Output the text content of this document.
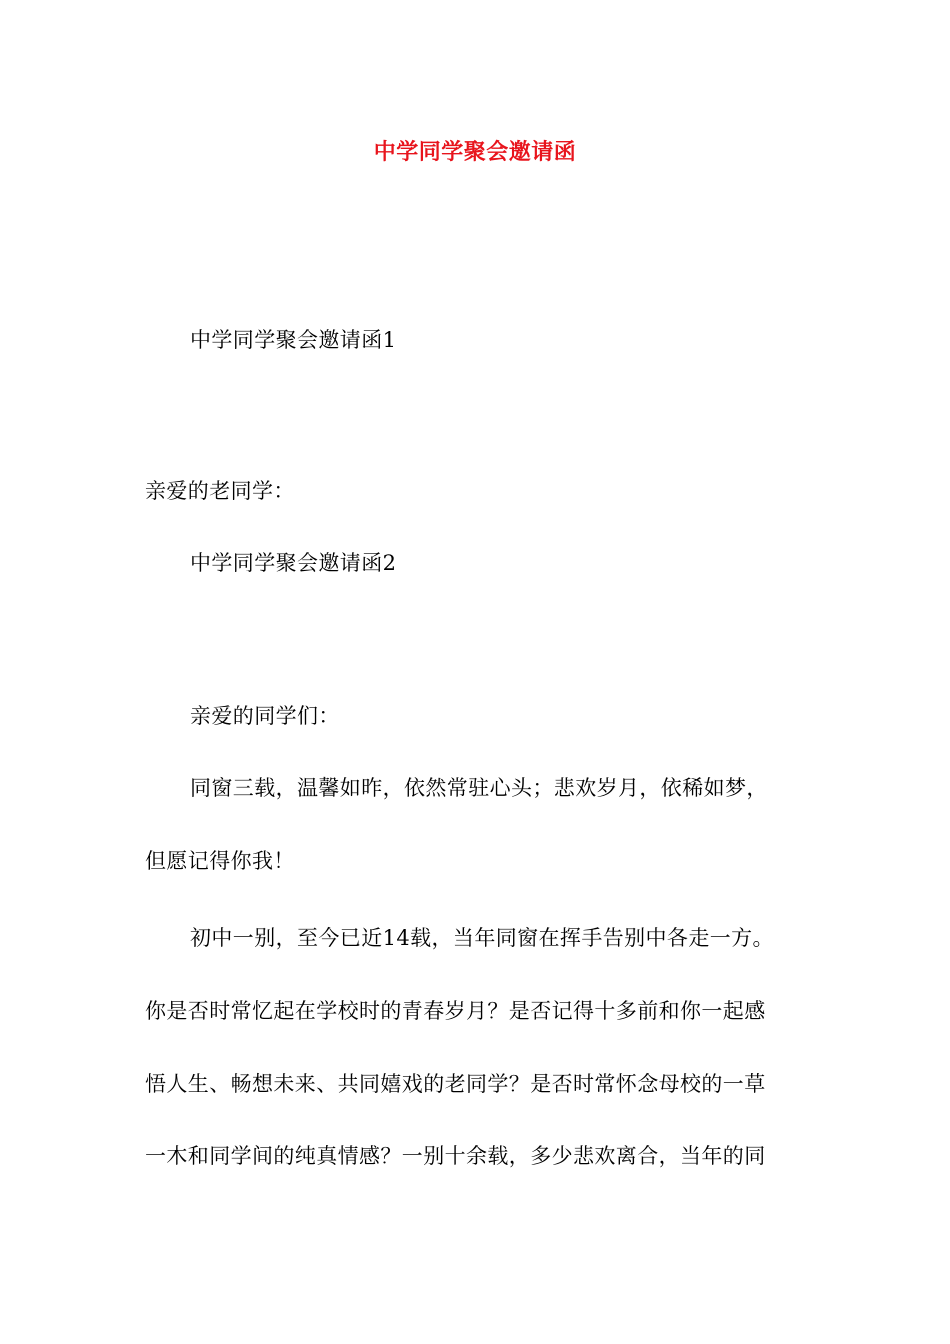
中学同学聚会邀请函
中学同学聚会邀请函1
亲爱的老同学：
中学同学聚会邀请函2
亲爱的同学们：
同窗三载，温馨如昨，依然常驻心头；悲欢岁月，依稀如梦，
但愿记得你我！
初中一别，至今已近14载，当年同窗在挥手告别中各走一方。
你是否时常忆起在学校时的青春岁月？是否记得十多前和你一起感
悟人生、畅想未来、共同嬉戏的老同学？是否时常怀念母校的一草
一木和同学间的纯真情感？一别十余载，多少悲欢离合，当年的同
